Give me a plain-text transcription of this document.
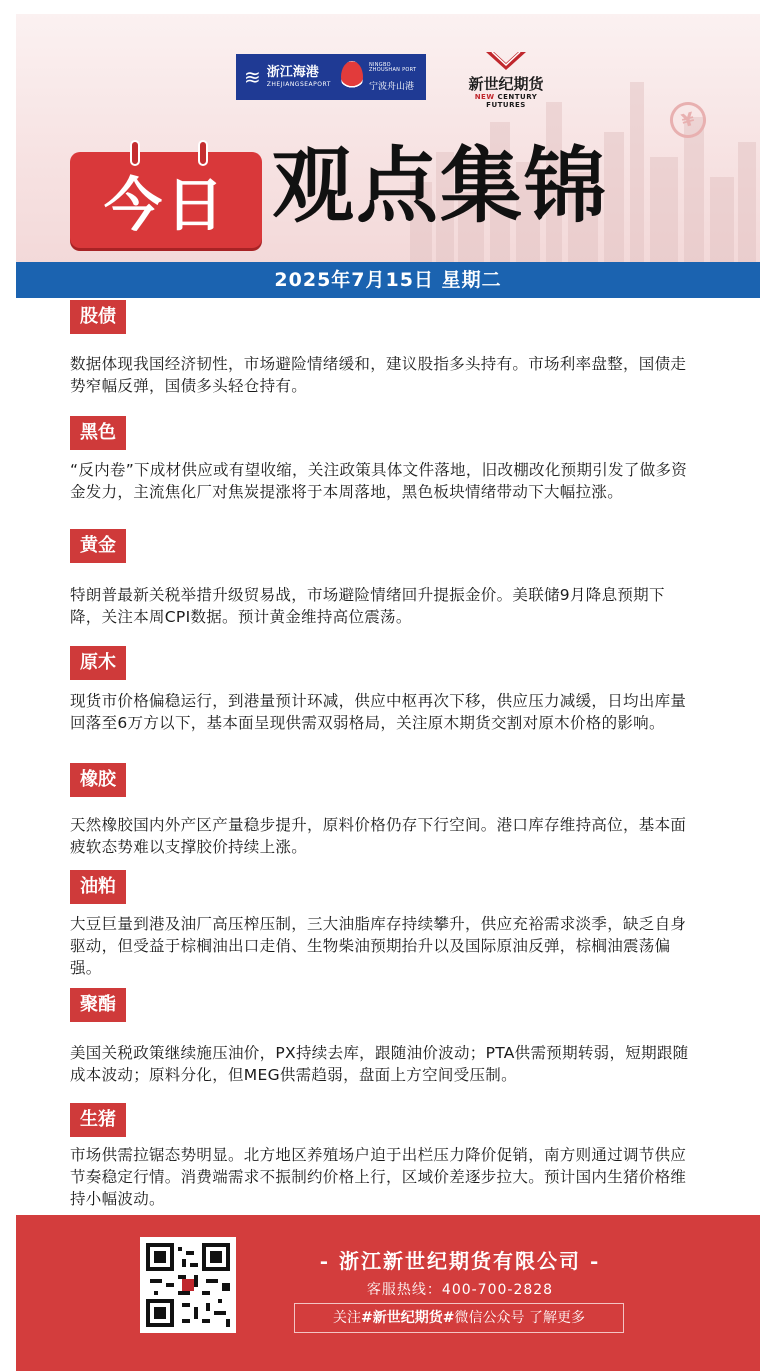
≋ 浙江海港
ZHEJIANGSEAPORT
NINGBO ZHOUSHAN PORT
宁波舟山港	新世纪期货
NEW CENTURY FUTURES
¥
今日 观点集锦
2025年7月15日 星期二
股债

数据体现我国经济韧性，市场避险情绪缓和，建议股指多头持有。市场利率盘整，国债走势窄幅反弹，国债多头轻仓持有。

黑色

“反内卷”下成材供应或有望收缩，关注政策具体文件落地，旧改棚改化预期引发了做多资金发力，主流焦化厂对焦炭提涨将于本周落地，黑色板块情绪带动下大幅拉涨。

黄金

特朗普最新关税举措升级贸易战，市场避险情绪回升提振金价。美联储9月降息预期下降，关注本周CPI数据。预计黄金维持高位震荡。

原木

现货市价格偏稳运行，到港量预计环减，供应中枢再次下移，供应压力减缓，日均出库量回落至6万方以下，基本面呈现供需双弱格局，关注原木期货交割对原木价格的影响。

橡胶

天然橡胶国内外产区产量稳步提升，原料价格仍存下行空间。港口库存维持高位，基本面疲软态势难以支撑胶价持续上涨。

油粕

大豆巨量到港及油厂高压榨压制，三大油脂库存持续攀升，供应充裕需求淡季，缺乏自身驱动，但受益于棕榈油出口走俏、生物柴油预期抬升以及国际原油反弹，棕榈油震荡偏强。

聚酯

美国关税政策继续施压油价，PX持续去库，跟随油价波动；PTA供需预期转弱，短期跟随成本波动；原料分化，但MEG供需趋弱，盘面上方空间受压制。

生猪

市场供需拉锯态势明显。北方地区养殖场户迫于出栏压力降价促销，南方则通过调节供应节奏稳定行情。消费端需求不振制约价格上行，区域价差逐步拉大。预计国内生猪价格维持小幅波动。

- 浙江新世纪期货有限公司 -
客服热线：400-700-2828
关注#新世纪期货#微信公众号 了解更多
